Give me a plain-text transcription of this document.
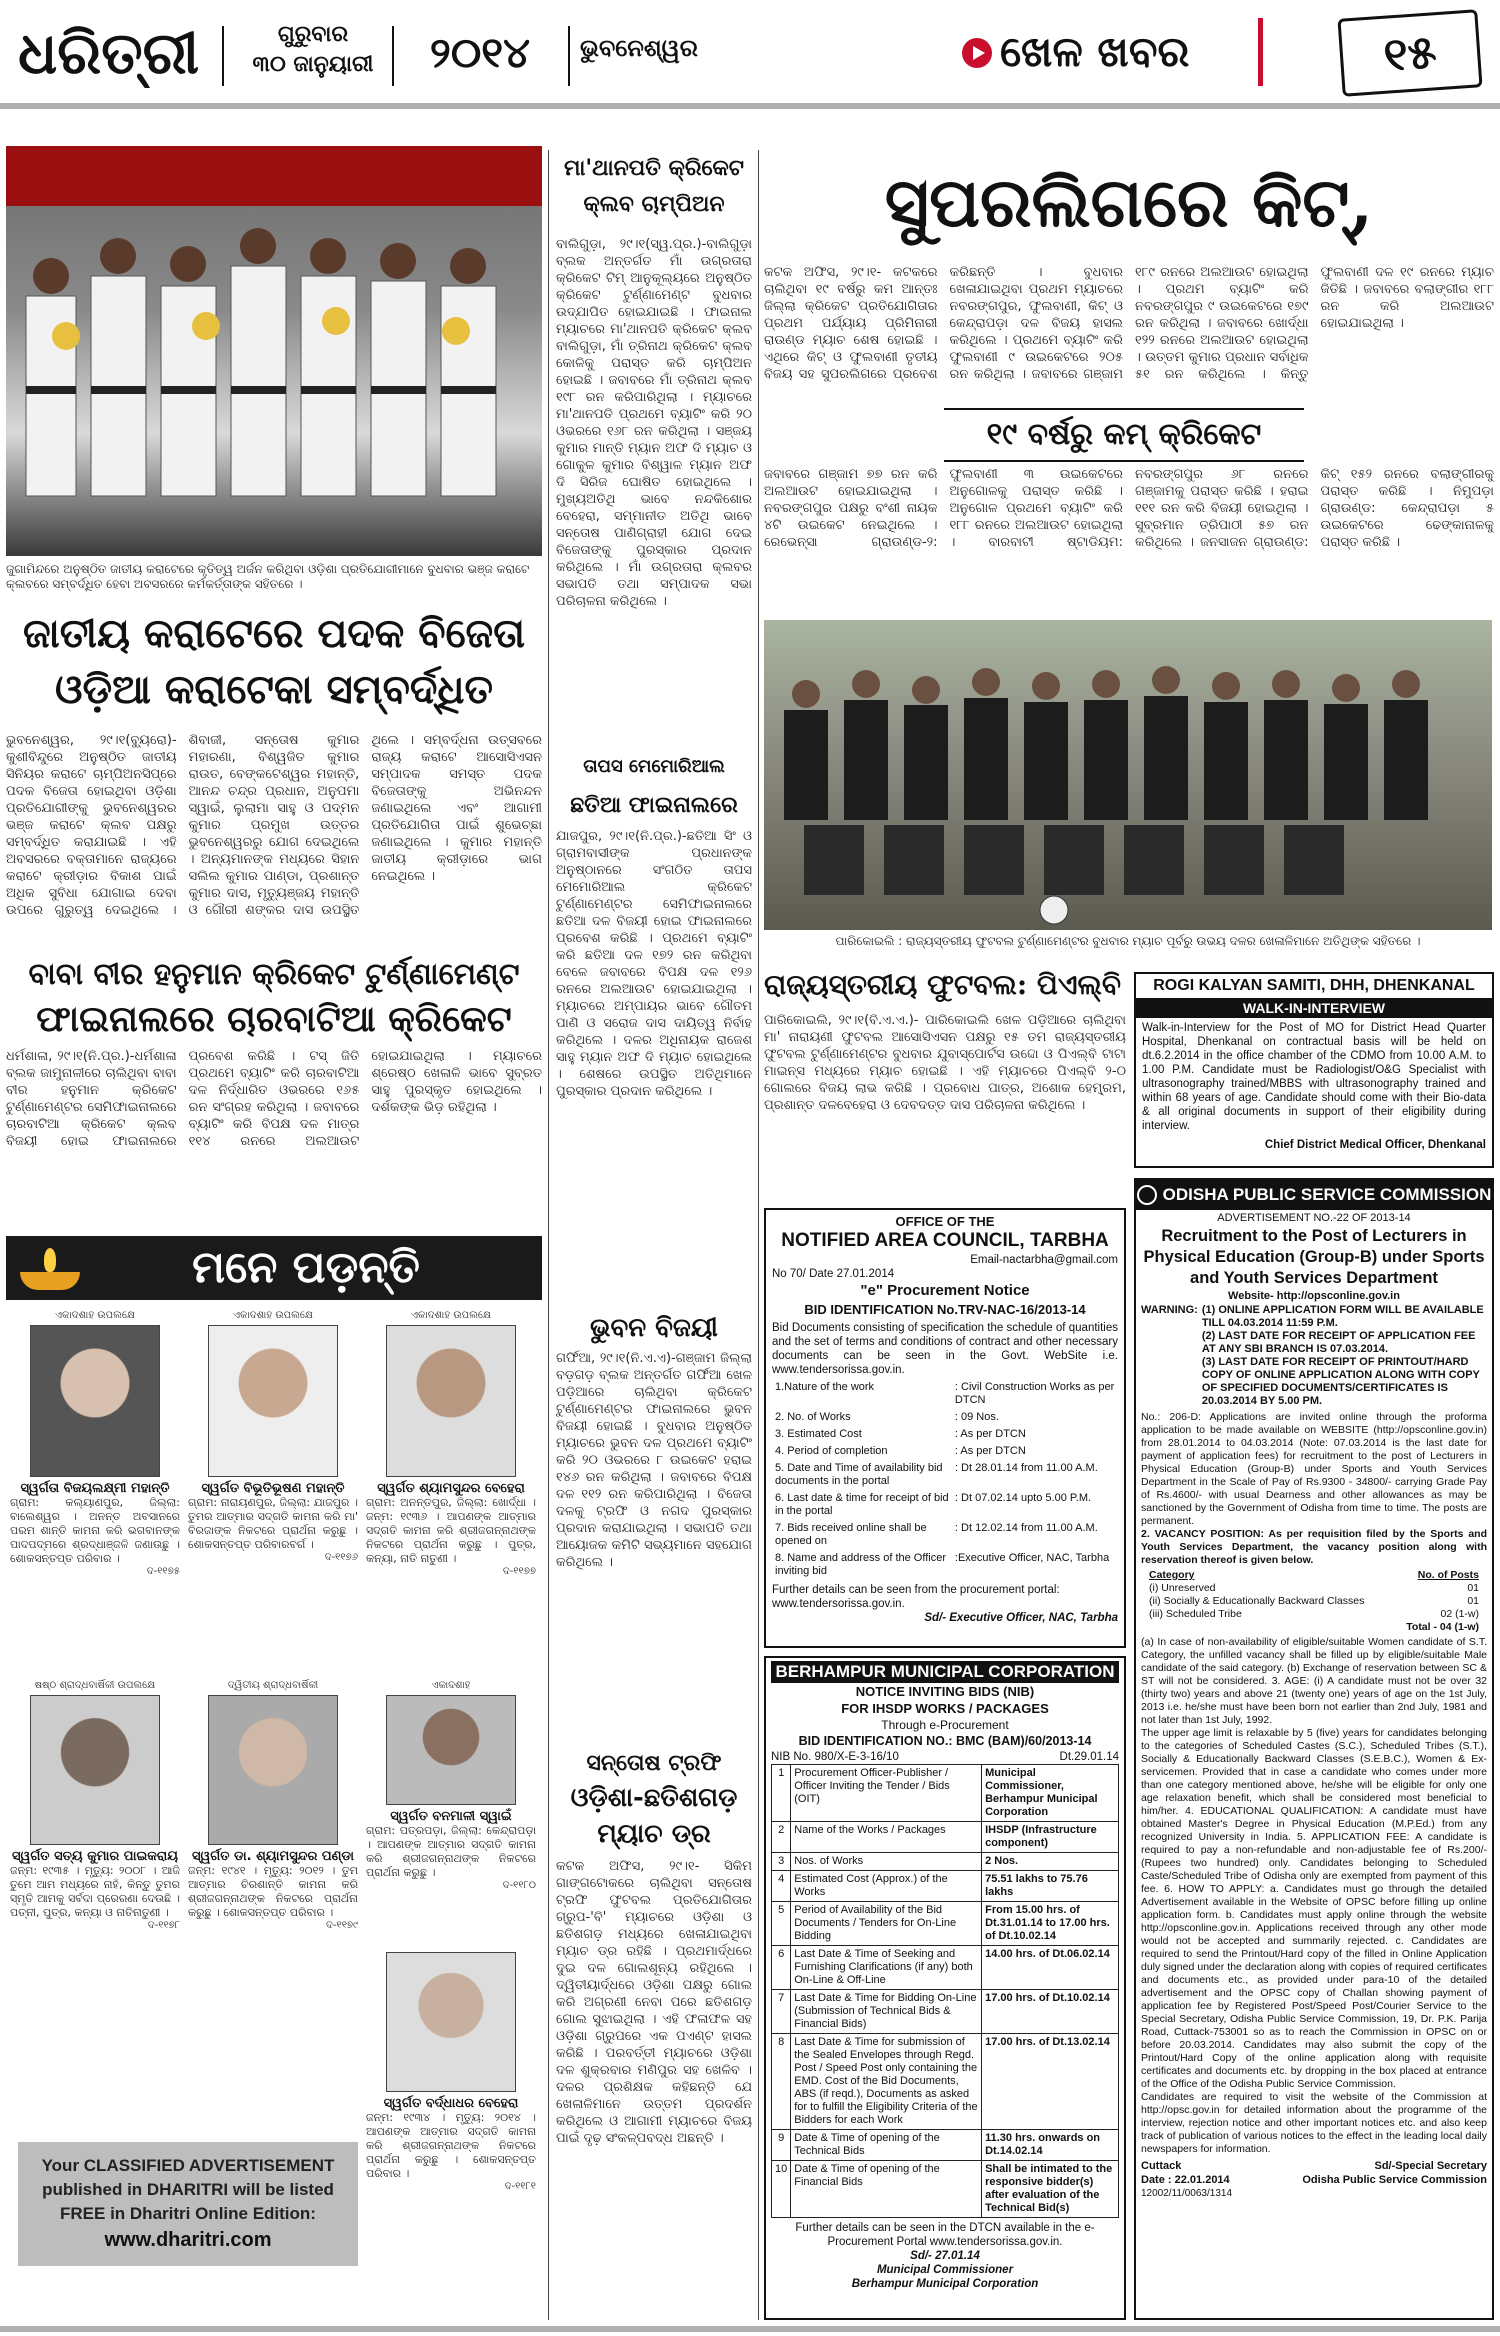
ଧରିତ୍ରୀ	ଗୁରୁବାର
୩୦ ଜାନୁୟାରୀ	୨୦୧୪	ଭୁବନେଶ୍ୱର	ଖେଳ ଖବର	୧୫
ଜୁଗାମିନ୍ଦରେ ଅନୁଷ୍ଠିତ ଜାତୀୟ କରାଟେରେ କୃତିତ୍ୱ ଅର୍ଜନ କରିଥିବା ଓଡ଼ିଶା ପ୍ରତିଯୋଗୀମାନେ ବୁଧବାର ଭଞ୍ଜ କରାଟେ କ୍ଲବରେ ସମ୍ବର୍ଦ୍ଧିତ ହେବା ଅବସରରେ କର୍ମକର୍ତ୍ତାଙ୍କ ସହିତରେ ।
ଜାତୀୟ କରାଟେରେ ପଦକ ବିଜେତା ଓଡ଼ିଆ କରାଟେକା ସମ୍ବର୍ଦ୍ଧିତ
ଭୁବନେଶ୍ୱର, ୨୯।୧(ବ୍ୟୁରୋ)-କୁଶୀବିନ୍ଦୁରେ ଅନୁଷ୍ଠିତ ଜାତୀୟ ସିନିୟର କରାଟେ ଚାମ୍ପିଅନସିପ୍‌ରେ ପଦକ ବିଜେତା ହୋଇଥିବା ଓଡ଼ିଶା ପ୍ରତିଯୋଗୀଙ୍କୁ ଭୁବନେଶ୍ୱରର ଭଞ୍ଜ କରାଟେ କ୍ଲବ ପକ୍ଷରୁ ସମ୍ବର୍ଦ୍ଧିତ କରାଯାଇଛି । ଏହି ଅବସରରେ ବକ୍ତାମାନେ ରାଜ୍ୟରେ କରାଟେ କ୍ରୀଡ଼ାର ବିକାଶ ପାଇଁ ଅଧିକ ସୁବିଧା ଯୋଗାଇ ଦେବା ଉପରେ ଗୁରୁତ୍ୱ ଦେଇଥିଲେ । ଶିବାଜୀ, ସନ୍ତୋଷ କୁମାର ମହାରଣା, ବିଶ୍ୱଜିତ କୁମାର ରାଉତ, ବେଙ୍କଟେଶ୍ୱର ମହାନ୍ତି, ଆନନ୍ଦ ଚନ୍ଦ୍ର ପ୍ରଧାନ, ଅନୁପମା ସ୍ୱାଇଁ, ଲୁଲାମା ସାହୁ ଓ ପଦ୍ମନ କୁମାର ପ୍ରମୁଖ ଉତ୍ତର ଭୁବନେଶ୍ୱରରୁ ଯୋଗ ଦେଇଥିଲେ । ଅନ୍ୟମାନଙ୍କ ମଧ୍ୟରେ ସିହାନ ସଲିଲ କୁମାର ପାଣ୍ଡା, ପ୍ରଶାନ୍ତ କୁମାର ଦାସ, ମୃତ୍ୟୁଞ୍ଜୟ ମହାନ୍ତି ଓ ଗୌରୀ ଶଙ୍କର ଦାସ ଉପସ୍ଥିତ ଥିଲେ । ସମ୍ବର୍ଦ୍ଧନା ଉତ୍ସବରେ ରାଜ୍ୟ କରାଟେ ଆସୋସିଏସନ ସମ୍ପାଦକ ସମସ୍ତ ପଦକ ବିଜେତାଙ୍କୁ ଅଭିନନ୍ଦନ ଜଣାଇଥିଲେ ଏବଂ ଆଗାମୀ ପ୍ରତିଯୋଗିତା ପାଇଁ ଶୁଭେଚ୍ଛା ଜଣାଇଥିଲେ । କୁମାର ମହାନ୍ତି ଜାତୀୟ କ୍ରୀଡ଼ାରେ ଭାଗ ନେଇଥିଲେ ।
ବାବା ବୀର ହନୁମାନ କ୍ରିକେଟ ଟୁର୍ଣ୍ଣାମେଣ୍ଟ
ଫାଇନାଲରେ ଚାରବାଟିଆ କ୍ରିକେଟ
ଧର୍ମଶାଳା, ୨୯।୧(ନି.ପ୍ର.)-ଧର୍ମଶାଳା ବ୍ଲକ ଜାମୁନାଳୀରେ ଚାଲିଥିବା ବାବା ବୀର ହନୁମାନ କ୍ରିକେଟ ଟୁର୍ଣ୍ଣାମେଣ୍ଟର ସେମିଫାଇନାଲରେ ଚାରବାଟିଆ କ୍ରିକେଟ କ୍ଲବ ବିଜୟୀ ହୋଇ ଫାଇନାଲରେ ପ୍ରବେଶ କରିଛି । ଟସ୍ ଜିତି ପ୍ରଥମେ ବ୍ୟାଟିଂ କରି ଚାରବାଟିଆ ଦଳ ନିର୍ଦ୍ଧାରିତ ଓଭରରେ ୧୬୫ ରନ ସଂଗ୍ରହ କରିଥିଲା । ଜବାବରେ ବ୍ୟାଟିଂ କରି ବିପକ୍ଷ ଦଳ ମାତ୍ର ୧୧୪ ରନରେ ଅଲଆଉଟ ହୋଇଯାଇଥିଲା । ମ୍ୟାଚରେ ଶ୍ରେଷ୍ଠ ଖେଳାଳି ଭାବେ ସୁବ୍ରତ ସାହୁ ପୁରସ୍କୃତ ହୋଇଥିଲେ । ଦର୍ଶକଙ୍କ ଭିଡ଼ ରହିଥିଲା ।
ମନେ ପଡ଼ନ୍ତି
ଏକାଦଶାହ ଉପଲକ୍ଷେ
ସ୍ୱର୍ଗତା ବିଜୟଲକ୍ଷ୍ମୀ ମହାନ୍ତି
ଗ୍ରାମ: କଲ୍ୟାଣପୁର, ଜିଲ୍ଲା: ବାଲେଶ୍ୱର । ଅନନ୍ତ ଅବସାନରେ ପରମ ଶାନ୍ତି କାମନା କରି ଭଗବାନଙ୍କ ପାଦପଦ୍ମରେ ଶ୍ରଦ୍ଧାଞ୍ଜଳି ଜଣାଉଛୁ । ଶୋକସନ୍ତପ୍ତ ପରିବାର ।
ଦ-୧୧୭୫
ଏକାଦଶାହ ଉପଲକ୍ଷେ
ସ୍ୱର୍ଗତ ବିଭୂତିଭୂଷଣ ମହାନ୍ତି
ଗ୍ରାମ: ନାରାୟଣପୁର, ଜିଲ୍ଲା: ଯାଜପୁର । ତୁମର ଆତ୍ମାର ସଦ୍‌ଗତି କାମନା କରି ମା' ବିରଜାଙ୍କ ନିକଟରେ ପ୍ରାର୍ଥନା କରୁଛୁ । ଶୋକସନ୍ତପ୍ତ ପରିବାରବର୍ଗ ।
ଦ-୧୧୭୬
ଏକାଦଶାହ ଉପଲକ୍ଷେ
ସ୍ୱର୍ଗତ ଶ୍ୟାମସୁନ୍ଦର ବେହେରା
ଗ୍ରାମ: ଅନନ୍ତପୁର, ଜିଲ୍ଲା: ଖୋର୍ଦ୍ଧା । ଜନ୍ମ: ୧୯୩୬ । ଆପଣଙ୍କ ଆତ୍ମାର ସଦ୍‌ଗତି କାମନା କରି ଶ୍ରୀଜଗନ୍ନାଥଙ୍କ ନିକଟରେ ପ୍ରାର୍ଥନା କରୁଛୁ । ପୁତ୍ର, କନ୍ୟା, ନାତି ନାତୁଣୀ ।
ଦ-୧୧୭୭
ଷଷ୍ଠ ଶ୍ରାଦ୍ଧବାର୍ଷିକୀ ଉପଲକ୍ଷେ
ସ୍ୱର୍ଗତ ସତ୍ୟ କୁମାର ପାଇକରାୟ
ଜନ୍ମ: ୧୯୩୫ । ମୃତ୍ୟୁ: ୨୦୦୮ । ଆଜି ତୁମେ ଆମ ମଧ୍ୟରେ ନାହଁ, କିନ୍ତୁ ତୁମର ସ୍ମୃତି ଆମକୁ ସର୍ବଦା ପ୍ରେରଣା ଦେଉଛି । ପତ୍ନୀ, ପୁତ୍ର, କନ୍ୟା ଓ ନାତିନାତୁଣୀ ।
ଦ-୧୧୭୮
ଦ୍ୱିତୀୟ ଶ୍ରାଦ୍ଧବାର୍ଷିକୀ
ସ୍ୱର୍ଗତ ଡା. ଶ୍ୟାମସୁନ୍ଦର ପଣ୍ଡା
ଜନ୍ମ: ୧୯୪୧ । ମୃତ୍ୟୁ: ୨୦୧୨ । ତୁମ ଆତ୍ମାର ଚିରଶାନ୍ତି କାମନା କରି ଶ୍ରୀଜଗନ୍ନାଥଙ୍କ ନିକଟରେ ପ୍ରାର୍ଥନା କରୁଛୁ । ଶୋକସନ୍ତପ୍ତ ପରିବାର ।
ଦ-୧୧୭୯
ଏକାଦଶାହ
ସ୍ୱର୍ଗତ ବନମାଳୀ ସ୍ୱାଇଁ
ଗ୍ରାମ: ପତ୍ରପଡ଼ା, ଜିଲ୍ଲା: କେନ୍ଦ୍ରାପଡ଼ା । ଆପଣଙ୍କ ଆତ୍ମାର ସଦ୍‌ଗତି କାମନା କରି ଶ୍ରୀଜଗନ୍ନାଥଙ୍କ ନିକଟରେ ପ୍ରାର୍ଥନା କରୁଛୁ ।
ଦ-୧୧୮୦
ସ୍ୱର୍ଗତ ବର୍ଦ୍ଧାଧର ବେହେରା
ଜନ୍ମ: ୧୯୩୪ । ମୃତ୍ୟୁ: ୨୦୧୪ । ଆପଣଙ୍କ ଆତ୍ମାର ସଦ୍‌ଗତି କାମନା କରି ଶ୍ରୀଜଗନ୍ନାଥଙ୍କ ନିକଟରେ ପ୍ରାର୍ଥନା କରୁଛୁ । ଶୋକସନ୍ତପ୍ତ ପରିବାର ।
ଦ-୧୧୮୧
Your CLASSIFIED ADVERTISEMENT
published in DHARITRI will be listed
FREE in Dharitri Online Edition:
www.dharitri.com
ମା'ଥାନପତି କ୍ରିକେଟ କ୍ଲବ ଚାମ୍ପିଅନ
ବାଲିଗୁଡ଼ା, ୨୯।୧(ସ୍ୱ.ପ୍ର.)-ବାଲିଗୁଡ଼ା ବ୍ଲକ ଅନ୍ତର୍ଗତ ମାଁ ଉଗ୍ରତାରା କ୍ରିକେଟ ଟିମ୍ ଆନୁକୂଲ୍ୟରେ ଅନୁଷ୍ଠିତ କ୍ରିକେଟ ଟୁର୍ଣ୍ଣାମେଣ୍ଟ ବୁଧବାର ଉଦ୍‌ଯାପିତ ହୋଇଯାଇଛି । ଫାଇନାଲ ମ୍ୟାଚରେ ମା'ଥାନପତି କ୍ରିକେଟ କ୍ଲବ ବାଲିଗୁଡ଼ା, ମାଁ ତ୍ରିନାଥ କ୍ରିକେଟ କ୍ଲବ କୋଳିକୁ ପରାସ୍ତ କରି ଚାମ୍ପିଅନ ହୋଇଛି । ଜବାବରେ ମାଁ ତ୍ରିନାଥ କ୍ଲବ ୧୯୮ ରନ କରିପାରିଥିଲା । ମ୍ୟାଚରେ ମା'ଥାନପତି ପ୍ରଥମେ ବ୍ୟାଟିଂ କରି ୨୦ ଓଭରରେ ୧୬୮ ରନ କରିଥିଲା । ସଞ୍ଜୟ କୁମାର ମାନ୍ତି ମ୍ୟାନ ଅଫ ଦି ମ୍ୟାଚ ଓ ଗୋକୁଳ କୁମାର ବିଶ୍ୱାଳ ମ୍ୟାନ ଅଫ ଦି ସିରିଜ ଘୋଷିତ ହୋଇଥିଲେ । ମୁଖ୍ୟଅତିଥି ଭାବେ ନନ୍ଦକିଶୋର ବେହେରା, ସମ୍ମାନୀତ ଅତିଥି ଭାବେ ସନ୍ତୋଷ ପାଣିଗ୍ରାହୀ ଯୋଗ ଦେଇ ବିଜେତାଙ୍କୁ ପୁରସ୍କାର ପ୍ରଦାନ କରିଥିଲେ । ମାଁ ଉଗ୍ରତାରା କ୍ଲବର ସଭାପତି ତଥା ସମ୍ପାଦକ ସଭା ପରିଚାଳନା କରିଥିଲେ ।
ତାପସ ମେମୋରିଆଲ
ଛତିଆ ଫାଇନାଲରେ
ଯାଜପୁର, ୨୯।୧(ନି.ପ୍ର.)-ଛତିଆ ସିଂ ଓ ଗ୍ରାମବାସୀଙ୍କ ପ୍ରଧାନଙ୍କ ଅନୁଷ୍ଠାନରେ ସଂଗଠିତ ତାପସ ମେମୋରିଆଲ କ୍ରିକେଟ ଟୁର୍ଣ୍ଣାମେଣ୍ଟର ସେମିଫାଇନାଲରେ ଛତିଆ ଦଳ ବିଜୟୀ ହୋଇ ଫାଇନାଲରେ ପ୍ରବେଶ କରିଛି । ପ୍ରଥମେ ବ୍ୟାଟିଂ କରି ଛତିଆ ଦଳ ୧୭୨ ରନ କରିଥିବା ବେଳେ ଜବାବରେ ବିପକ୍ଷ ଦଳ ୧୨୬ ରନରେ ଅଲଆଉଟ ହୋଇଯାଇଥିଲା । ମ୍ୟାଚରେ ଅମ୍ପାୟର ଭାବେ ଗୌତମ ପାଣି ଓ ସରୋଜ ଦାସ ଦାୟିତ୍ୱ ନିର୍ବାହ କରିଥିଲେ । ଦଳର ଅଧିନାୟକ ରାଜେଶ ସାହୁ ମ୍ୟାନ ଅଫ ଦି ମ୍ୟାଚ ହୋଇଥିଲେ । ଶେଷରେ ଉପସ୍ଥିତ ଅତିଥିମାନେ ପୁରସ୍କାର ପ୍ରଦାନ କରିଥିଲେ ।
ଭୁବନ ବିଜୟୀ
ଗର୍ଫିଆ, ୨୯।୧(ନି.ଏ.ଏ)-ଗଞ୍ଜାମ ଜିଲ୍ଲା ବଡ଼ଗଡ଼ ବ୍ଲକ ଅନ୍ତର୍ଗତ ଗର୍ଫିଆ ଖେଳ ପଡ଼ିଆରେ ଚାଲିଥିବା କ୍ରିକେଟ ଟୁର୍ଣ୍ଣାମେଣ୍ଟର ଫାଇନାଲରେ ଭୁବନ ବିଜୟୀ ହୋଇଛି । ବୁଧବାର ଅନୁଷ୍ଠିତ ମ୍ୟାଚରେ ଭୁବନ ଦଳ ପ୍ରଥମେ ବ୍ୟାଟିଂ କରି ୨୦ ଓଭରରେ ୮ ଉଇକେଟ ହରାଇ ୧୪୬ ରନ କରିଥିଲା । ଜବାବରେ ବିପକ୍ଷ ଦଳ ୧୧୨ ରନ କରିପାରିଥିଲା । ବିଜେତା ଦଳକୁ ଟ୍ରଫି ଓ ନଗଦ ପୁରସ୍କାର ପ୍ରଦାନ କରାଯାଇଥିଲା । ସଭାପତି ତଥା ଆୟୋଜକ କମିଟି ସଭ୍ୟମାନେ ସହଯୋଗ କରିଥିଲେ ।
ସନ୍ତୋଷ ଟ୍ରଫି
ଓଡ଼ିଶା-ଛତିଶଗଡ଼
ମ୍ୟାଚ ଡ୍ର
କଟକ ଅଫିସ, ୨୯।୧- ସିକିମ ଗାଙ୍ଗଟୋକରେ ଚାଲିଥିବା ସନ୍ତୋଷ ଟ୍ରଫି ଫୁଟବଲ ପ୍ରତିଯୋଗିତାର ଗ୍ରୁପ-'ବି' ମ୍ୟାଚରେ ଓଡ଼ିଶା ଓ ଛତିଶଗଡ଼ ମଧ୍ୟରେ ଖେଳାଯାଇଥିବା ମ୍ୟାଚ ଡ୍ର ରହିଛି । ପ୍ରଥମାର୍ଦ୍ଧରେ ଦୁଇ ଦଳ ଗୋଲଶୂନ୍ୟ ରହିଥିଲେ । ଦ୍ୱିତୀୟାର୍ଦ୍ଧରେ ଓଡ଼ିଶା ପକ୍ଷରୁ ଗୋଲ କରି ଅଗ୍ରଣୀ ନେବା ପରେ ଛତିଶଗଡ଼ ଗୋଲ ସୁଝାଇଥିଲା । ଏହି ଫଳାଫଳ ସହ ଓଡ଼ିଶା ଗ୍ରୁପରେ ଏକ ପଏଣ୍ଟ ହାସଲ କରିଛି । ପରବର୍ତ୍ତୀ ମ୍ୟାଚରେ ଓଡ଼ିଶା ଦଳ ଶୁକ୍ରବାର ମଣିପୁର ସହ ଖେଳିବ । ଦଳର ପ୍ରଶିକ୍ଷକ କହିଛନ୍ତି ଯେ ଖେଳାଳିମାନେ ଉତ୍ତମ ପ୍ରଦର୍ଶନ କରିଥିଲେ ଓ ଆଗାମୀ ମ୍ୟାଚରେ ବିଜୟ ପାଇଁ ଦୃଢ଼ ସଂକଳ୍ପବଦ୍ଧ ଅଛନ୍ତି ।
ସୁପରଲିଗରେ କିଟ୍,
କଟକ ଅଫିସ, ୨୯।୧- କଟକରେ ଚାଲିଥିବା ୧୯ ବର୍ଷରୁ କମ ଆନ୍ତଃ ଜିଲ୍ଲା କ୍ରିକେଟ ପ୍ରତିଯୋଗିତାର ପ୍ରଥମ ପର୍ଯ୍ୟାୟ ପ୍ରିମିନାରୀ ରାଉଣ୍ଡ ମ୍ୟାଚ ଶେଷ ହୋଇଛି । ଏଥିରେ କିଟ୍ ଓ ଫୁଲବାଣୀ ତୃତୀୟ ବିଜୟ ସହ ସୁପରଲିଗରେ ପ୍ରବେଶ କରିଛନ୍ତି । ବୁଧବାର ଖେଳାଯାଇଥିବା ପ୍ରଥମ ମ୍ୟାଚରେ ନବରଙ୍ଗପୁର, ଫୁଲବାଣୀ, କିଟ୍ ଓ କେନ୍ଦ୍ରାପଡ଼ା ଦଳ ବିଜୟ ହାସଲ କରିଥିଲେ । ପ୍ରଥମେ ବ୍ୟାଟିଂ କରି ଫୁଲବାଣୀ ୯ ଉଇକେଟରେ ୨୦୫ ରନ କରିଥିଲା । ଜବାବରେ ଗଞ୍ଜାମ ୧୮୯ ରନରେ ଅଲଆଉଟ ହୋଇଥିଲା । ପ୍ରଥମ ବ୍ୟାଟିଂ କରି ନବରଙ୍ଗପୁର ୯ ଉଇକେଟରେ ୧୭୯ ରନ କରିଥିଲା । ଜବାବରେ ଖୋର୍ଦ୍ଧା ୧୨୨ ରନରେ ଅଲଆଉଟ ହୋଇଥିଲା । ଉତ୍ତମ କୁମାର ପ୍ରଧାନ ସର୍ବାଧିକ ୫୧ ରନ କରିଥିଲେ । କିନ୍ତୁ ଫୁଲବାଣୀ ଦଳ ୧୯ ରନରେ ମ୍ୟାଚ ଜିତିଛି । ଜବାବରେ ବଲାଙ୍ଗୀର ୧୮୮ ରନ କରି ଅଲଆଉଟ ହୋଇଯାଇଥିଲା ।
୧୯ ବର୍ଷରୁ କମ୍ କ୍ରିକେଟ
ଜବାବରେ ଗଞ୍ଜାମ ୭୭ ରନ କରି ଅଲଆଉଟ ହୋଇଯାଇଥିଲା । ନବରଙ୍ଗପୁର ପକ୍ଷରୁ ବଂଶୀ ନାୟକ ୪ଟି ଉଇକେଟ ନେଇଥିଲେ । ରେଭେନ୍ସା ଗ୍ରାଉଣ୍ଡ-୨: ଫୁଲବାଣୀ ୩ ଉଇକେଟରେ ଅନୁଗୋଳକୁ ପରାସ୍ତ କରିଛି । ଅନୁଗୋଳ ପ୍ରଥମେ ବ୍ୟାଟିଂ କରି ୧୮୮ ରନରେ ଅଲଆଉଟ ହୋଇଥିଲା । ବାରବାଟୀ ଷ୍ଟାଡିୟମ: ନବରଙ୍ଗପୁର ୬୮ ରନରେ ଗଞ୍ଜାମକୁ ପରାସ୍ତ କରିଛି । ହରାଇ ୧୧୧ ରନ କରି ବିଜୟୀ ହୋଇଥିଲା । ସୁବ୍ରମାନ ତ୍ରିପାଠୀ ୫୭ ରନ କରିଥିଲେ । ଜନସାଜନ ଗ୍ରାଉଣ୍ଡ: କିଟ୍ ୧୫୨ ରନରେ ବଲାଙ୍ଗୀରକୁ ପରାସ୍ତ କରିଛି । ନିମୁପଡ଼ା ଗ୍ରାଉଣ୍ଡ: କେନ୍ଦ୍ରାପଡ଼ା ୫ ଉଇକେଟରେ ଢେଙ୍କାନାଳକୁ ପରାସ୍ତ କରିଛି ।
ପାରିକୋଇଲି : ରାଜ୍ୟସ୍ତରୀୟ ଫୁଟବଲ ଟୁର୍ଣ୍ଣାମେଣ୍ଟର ବୁଧବାର ମ୍ୟାଚ ପୂର୍ବରୁ ଉଭୟ ଦଳର ଖେଳାଳିମାନେ ଅତିଥିଙ୍କ ସହିତରେ ।
ରାଜ୍ୟସ୍ତରୀୟ ଫୁଟବଲ: ପିଏଲ୍‌ବି
ପାରିକୋଇଲି, ୨୯।୧(ବି.ଏ.ଏ.)- ପାରିକୋଇଲି ଖେଳ ପଡ଼ିଆରେ ଚାଲିଥିବା ମା' ନାରାୟଣୀ ଫୁଟବଲ ଆସୋସିଏସନ ପକ୍ଷରୁ ୧୫ ତମ ରାଜ୍ୟସ୍ତରୀୟ ଫୁଟବଲ ଟୁର୍ଣ୍ଣାମେଣ୍ଟର ବୁଧବାର ଯୁବାସ୍ପୋର୍ଟସ ଉଦ୍ଦୋ ଓ ପିଏଲ୍‌ବି ଟାଟା ମାଇନ୍ସ ମଧ୍ୟରେ ମ୍ୟାଚ ହୋଇଛି । ଏହି ମ୍ୟାଚରେ ପିଏଲ୍‌ବି ୨-୦ ଗୋଲରେ ବିଜୟ ଲାଭ କରିଛି । ପ୍ରବୋଧ ପାତ୍ର, ଅଶୋକ ହେମ୍ବ୍ରମ, ପ୍ରଶାନ୍ତ ଦଳବେହେରା ଓ ଦେବଦତ୍ତ ଦାସ ପରିଚାଳନା କରିଥିଲେ ।
ROGI KALYAN SAMITI, DHH, DHENKANAL
WALK-IN-INTERVIEW
Walk-in-Interview for the Post of MO for District Head Quarter Hospital, Dhenkanal on contractual basis will be held on dt.6.2.2014 in the office chamber of the CDMO from 10.00 A.M. to 1.00 P.M. Candidate must be Radiologist/O&G Specialist with ultrasonography trained/MBBS with ultrasonography trained and within 68 years of age. Candidate should come with their Bio-data & all original documents in support of their eligibility during interview.
Chief District Medical Officer, Dhenkanal
OFFICE OF THE
NOTIFIED AREA COUNCIL, TARBHA
Email-nactarbha@gmail.com
No 70/ Date 27.01.2014
"e" Procurement Notice
BID IDENTIFICATION No.TRV-NAC-16/2013-14
Bid Documents consisting of specification the schedule of quantities and the set of terms and conditions of contract and other necessary documents can be seen in the Govt. WebSite i.e. www.tendersorissa.gov.in.
1.Nature of the work	: Civil Construction Works as per DTCN
2. No. of Works	: 09 Nos.
3. Estimated Cost	: As per DTCN
4. Period of completion	: As per DTCN
5. Date and Time of availability bid documents in the portal	: Dt 28.01.14 from 11.00 A.M.
6. Last date & time for receipt of bid in the portal	: Dt 07.02.14 upto 5.00 P.M.
7. Bids received online shall be opened on	: Dt 12.02.14 from 11.00 A.M.
8. Name and address of the Officer inviting bid	:Executive Officer, NAC, Tarbha
Further details can be seen from the procurement portal: www.tendersorissa.gov.in.
Sd/- Executive Officer, NAC, Tarbha
BERHAMPUR MUNICIPAL CORPORATION
NOTICE INVITING BIDS (NIB)
FOR IHSDP WORKS / PACKAGES
Through e-Procurement
BID IDENTIFICATION NO.: BMC (BAM)/60/2013-14
NIB No. 980/X-E-3-16/10	Dt.29.01.14
1	Procurement Officer-Publisher / Officer Inviting the Tender / Bids (OIT)	Municipal Commissioner, Berhampur Municipal Corporation
2	Name of the Works / Packages	IHSDP (Infrastructure component)
3	Nos. of Works	2 Nos.
4	Estimated Cost (Approx.) of the Works	75.51 lakhs to 75.76 lakhs
5	Period of Availability of the Bid Documents / Tenders for On-Line Bidding	From 15.00 hrs. of Dt.31.01.14 to 17.00 hrs. of Dt.10.02.14
6	Last Date & Time of Seeking and Furnishing Clarifications (if any) both On-Line & Off-Line	14.00 hrs. of Dt.06.02.14
7	Last Date & Time for Bidding On-Line (Submission of Technical Bids & Financial Bids)	17.00 hrs. of Dt.10.02.14
8	Last Date & Time for submission of the Sealed Envelopes through Regd. Post / Speed Post only containing the EMD. Cost of the Bid Documents, ABS (if reqd.), Documents as asked for to fulfill the Eligibility Criteria of the Bidders for each Work	17.00 hrs. of Dt.13.02.14
9	Date & Time of opening of the Technical Bids	11.30 hrs. onwards on Dt.14.02.14
10	Date & Time of opening of the Financial Bids	Shall be intimated to the responsive bidder(s) after evaluation of the Technical Bid(s)
Further details can be seen in the DTCN available in the e-Procurement Portal www.tendersorissa.gov.in.
Sd/- 27.01.14
Municipal Commissioner
Berhampur Municipal Corporation
ODISHA PUBLIC SERVICE COMMISSION
ADVERTISEMENT NO.-22 OF 2013-14
Recruitment to the Post of Lecturers in Physical Education (Group-B) under Sports and Youth Services Department
Website- http://opsconline.gov.in
WARNING: (1) ONLINE APPLICATION FORM WILL BE AVAILABLE TILL 04.03.2014 11:59 P.M.
(2) LAST DATE FOR RECEIPT OF APPLICATION FEE AT ANY SBI BRANCH IS 07.03.2014.
(3) LAST DATE FOR RECEIPT OF PRINTOUT/HARD COPY OF ONLINE APPLICATION ALONG WITH COPY OF SPECIFIED DOCUMENTS/CERTIFICATES IS 20.03.2014 BY 5.00 PM.
No.: 206-D: Applications are invited online through the proforma application to be made available on WEBSITE (http://opsconline.gov.in) from 28.01.2014 to 04.03.2014 (Note: 07.03.2014 is the last date for payment of application fees) for recruitment to the post of Lecturers in Physical Education (Group-B) under Sports and Youth Services Department in the Scale of Pay of Rs.9300 - 34800/- carrying Grade Pay of Rs.4600/- with usual Dearness and other allowances as may be sanctioned by the Government of Odisha from time to time. The posts are permanent.
2. VACANCY POSITION: As per requisition filed by the Sports and Youth Services Department, the vacancy position along with reservation thereof is given below.
Category	No. of Posts
(i) Unreserved	01
(ii) Socially & Educationally Backward Classes	01
(iii) Scheduled Tribe	02 (1-w)
Total - 04 (1-w)
(a) In case of non-availability of eligible/suitable Women candidate of S.T. Category, the unfilled vacancy shall be filled up by eligible/suitable Male candidate of the said category. (b) Exchange of reservation between SC & ST will not be considered. 3. AGE: (i) A candidate must not be over 32 (thirty two) years and above 21 (twenty one) years of age on the 1st July, 2013 i.e. he/she must have been born not earlier than 2nd July, 1981 and not later than 1st July, 1992.
The upper age limit is relaxable by 5 (five) years for candidates belonging to the categories of Scheduled Castes (S.C.), Scheduled Tribes (S.T.), Socially & Educationally Backward Classes (S.E.B.C.), Women & Ex-servicemen. Provided that in case a candidate who comes under more than one category mentioned above, he/she will be eligible for only one age relaxation benefit, which shall be considered most beneficial to him/her. 4. EDUCATIONAL QUALIFICATION: A candidate must have obtained Master's Degree in Physical Education (M.P.Ed.) from any recognized University in India. 5. APPLICATION FEE: A candidate is required to pay a non-refundable and non-adjustable fee of Rs.200/- (Rupees two hundred) only. Candidates belonging to Scheduled Caste/Scheduled Tribe of Odisha only are exempted from payment of this fee. 6. HOW TO APPLY: a. Candidates must go through the detailed Advertisement available in the Website of OPSC before filling up online application form. b. Candidates must apply online through the website http://opsconline.gov.in. Applications received through any other mode would not be accepted and summarily rejected. c. Candidates are required to send the Printout/Hard copy of the filled in Online Application duly signed under the declaration along with copies of required certificates and documents etc., as provided under para-10 of the detailed advertisement and the OPSC copy of Challan showing payment of application fee by Registered Post/Speed Post/Courier Service to the Special Secretary, Odisha Public Service Commission, 19, Dr. P.K. Parija Road, Cuttack-753001 so as to reach the Commission in OPSC on or before 20.03.2014. Candidates may also submit the copy of the Printout/Hard Copy of the online application along with requisite certificates and documents etc. by dropping in the box placed at entrance of the Office of the Odisha Public Service Commission.
Candidates are required to visit the website of the Commission at http://opsc.gov.in for detailed information about the programme of the interview, rejection notice and other important notices etc. and also keep track of publication of various notices to the effect in the leading local daily newspapers for information.
Cuttack
Date : 22.01.2014
Sd/-Special Secretary
Odisha Public Service Commission
12002/11/0063/1314
